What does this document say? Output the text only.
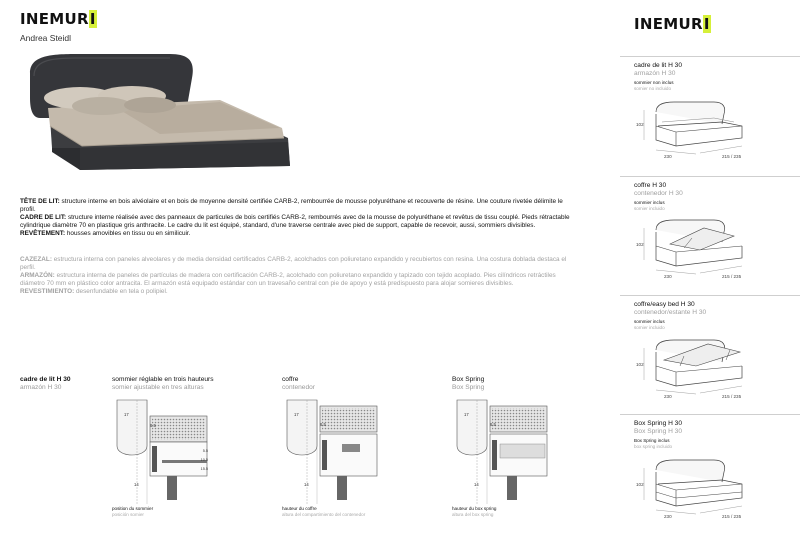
INEMURI
Andrea Steidl
TÊTE DE LIT: structure interne en bois alvéolaire et en bois de moyenne densité certifiée CARB-2, rembourrée de mousse polyuréthane et recouverte de résine. Une couture rivetée délimite le profil.
CADRE DE LIT: structure interne réalisée avec des panneaux de particules de bois certifiés CARB-2, rembourrés avec de la mousse de polyuréthane et revêtus de tissu couplé. Pieds rétractable cylindrique diamètre 70 en plastique gris anthracite. Le cadre du lit est équipé, standard, d'une traverse centrale avec pied de support, capable de recevoir, aussi, sommiers divisibles.
REVÊTEMENT: housses amovibles en tissu ou en similicuir.
CAZEZAL: estructura interna con paneles alveolares y de media densidad certificados CARB-2, acolchados con poliuretano expandido y recubiertos con resina. Una costura doblada destaca el perfil.
ARMAZÓN: estructura interna de paneles de partículas de madera con certificación CARB-2, acolchado con poliuretano expandido y tapizado con tejido acoplado. Pies cilíndricos retráctiles diámetro 70 mm en plástico color antracita. El armazón está equipado estándar con un travesaño central con pie de apoyo y está predispuesto para alojar somieres divisibles.
REVESTIMIENTO: desenfundable en tela o polipiel.
cadre de lit H 30
armazón H 30
sommier réglable en trois hauteurs
somier ajustable en tres alturas
coffre
contenedor
Box Spring
Box Spring
17
6.5
5.5
10.5
15.5
14
17
6.5
14
17
6.5
14
position du sommier
posición somier
hauteur du coffre
altura del compartimiento del contenedor
hauteur du box spring
altura del box spring
INEMURI
cadre de lit H 30
armazón H 30
sommier non inclus
somier no incluido
102
230	215 / 235
coffre H 30
contenedor H 30
sommier inclus
somier incluido
102
230	215 / 235
coffre/easy bed H 30
contenedor/estante H 30
sommier inclus
somier incluido
102
230	215 / 235
Box Spring H 30
Box Spring H 30
Box Spring inclus
box spring incluido
102
230	215 / 235
